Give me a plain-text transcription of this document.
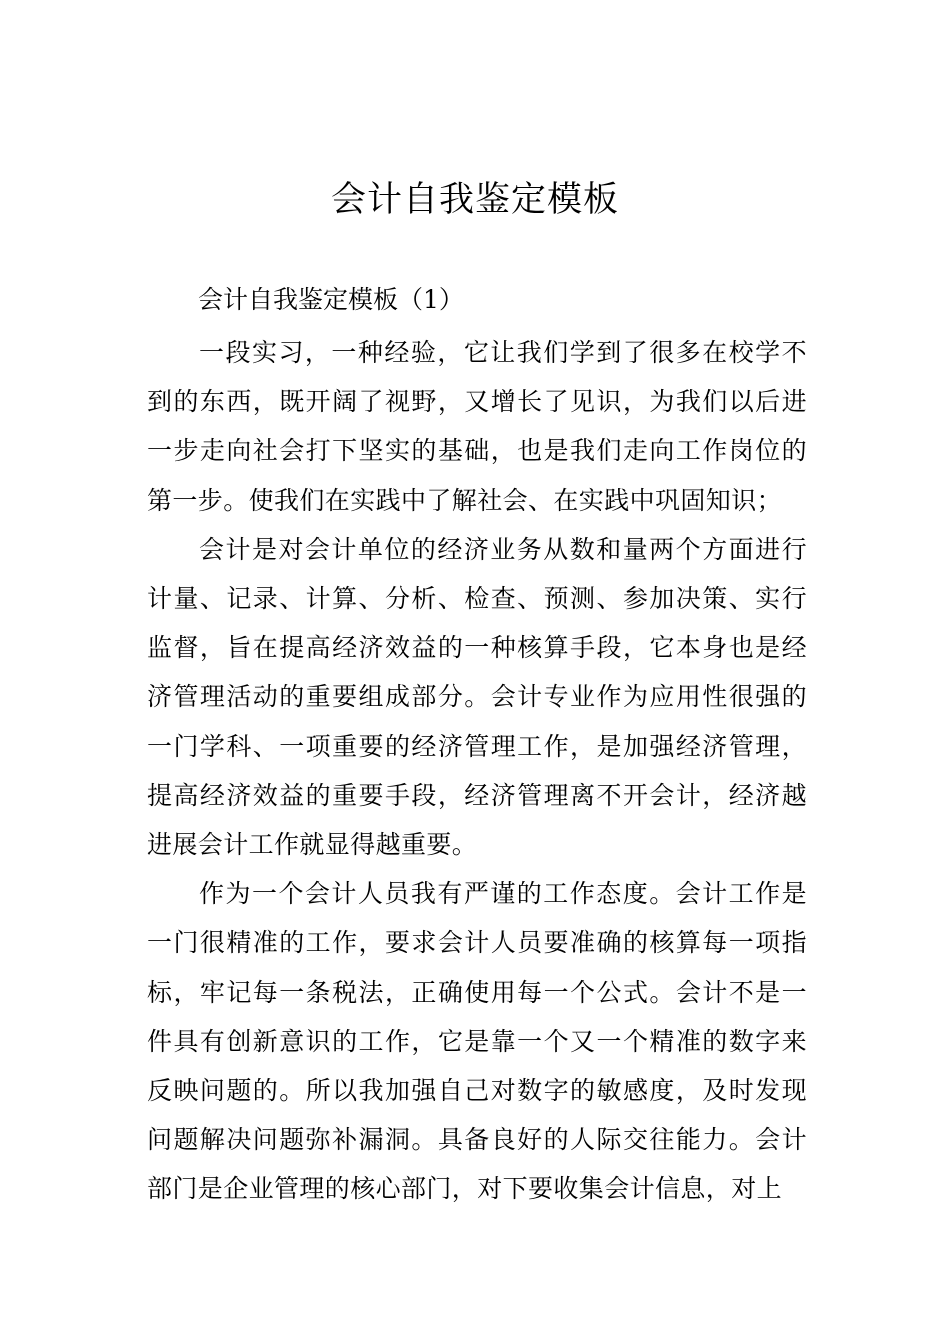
会计自我鉴定模板
会计自我鉴定模板（1）

一段实习，一种经验，它让我们学到了很多在校学不到的东西，既开阔了视野，又增长了见识，为我们以后进一步走向社会打下坚实的基础，也是我们走向工作岗位的第一步。使我们在实践中了解社会、在实践中巩固知识；

会计是对会计单位的经济业务从数和量两个方面进行计量、记录、计算、分析、检查、预测、参加决策、实行监督，旨在提高经济效益的一种核算手段，它本身也是经济管理活动的重要组成部分。会计专业作为应用性很强的一门学科、一项重要的经济管理工作，是加强经济管理，提高经济效益的重要手段，经济管理离不开会计，经济越进展会计工作就显得越重要。

作为一个会计人员我有严谨的工作态度。会计工作是一门很精准的工作，要求会计人员要准确的核算每一项指标，牢记每一条税法，正确使用每一个公式。会计不是一件具有创新意识的工作，它是靠一个又一个精准的数字来反映问题的。所以我加强自己对数字的敏感度，及时发现问题解决问题弥补漏洞。具备良好的人际交往能力。会计部门是企业管理的核心部门，对下要收集会计信息，对上
